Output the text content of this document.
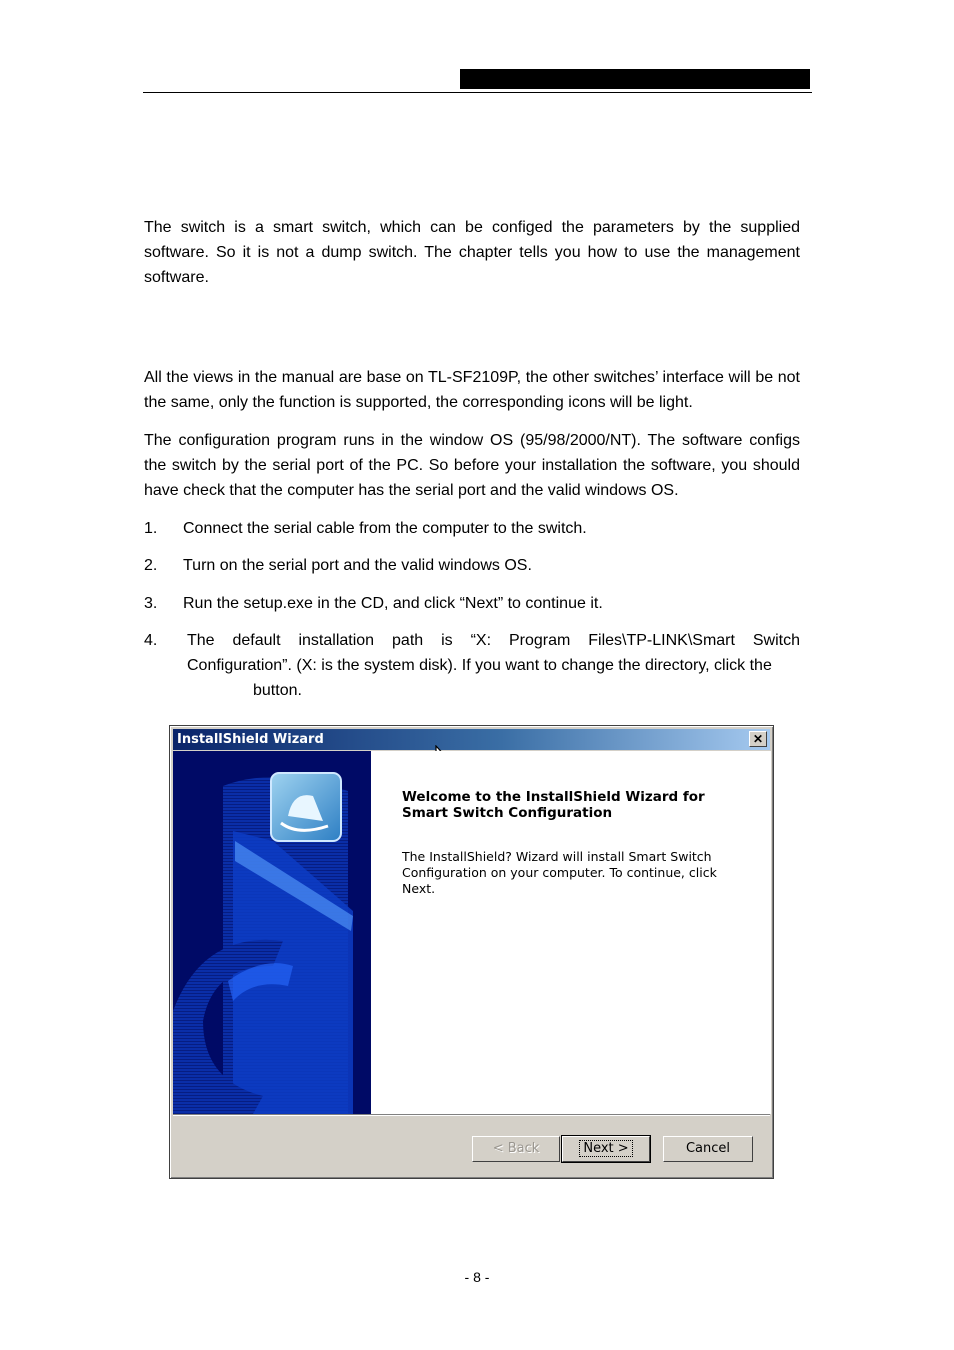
The switch is a smart switch, which can be configed the parameters by the supplied software. So it is not a dump switch. The chapter tells you how to use the management software.

All the views in the manual are base on TL-SF2109P, the other switches’ interface will be not the same, only the function is supported, the corresponding icons will be light.

The configuration program runs in the window OS (95/98/2000/NT). The software configs the switch by the serial port of the PC. So before your installation the software, you should have check that the computer has the serial port and the valid windows OS.

1. Connect the serial cable from the computer to the switch.
2. Turn on the serial port and the valid windows OS.
3. Run the setup.exe in the CD, and click “Next” to continue it.
4. The default installation path is “X: Program Files\TP-LINK\Smart Switch Configuration”. (X: is the system disk). If you want to change the directory, click the
button.
InstallShield Wizard	✕
Welcome to the InstallShield Wizard for Smart Switch Configuration
The InstallShield? Wizard will install Smart Switch Configuration on your computer. To continue, click Next.
< Back	Next >	Cancel
- 8 -
